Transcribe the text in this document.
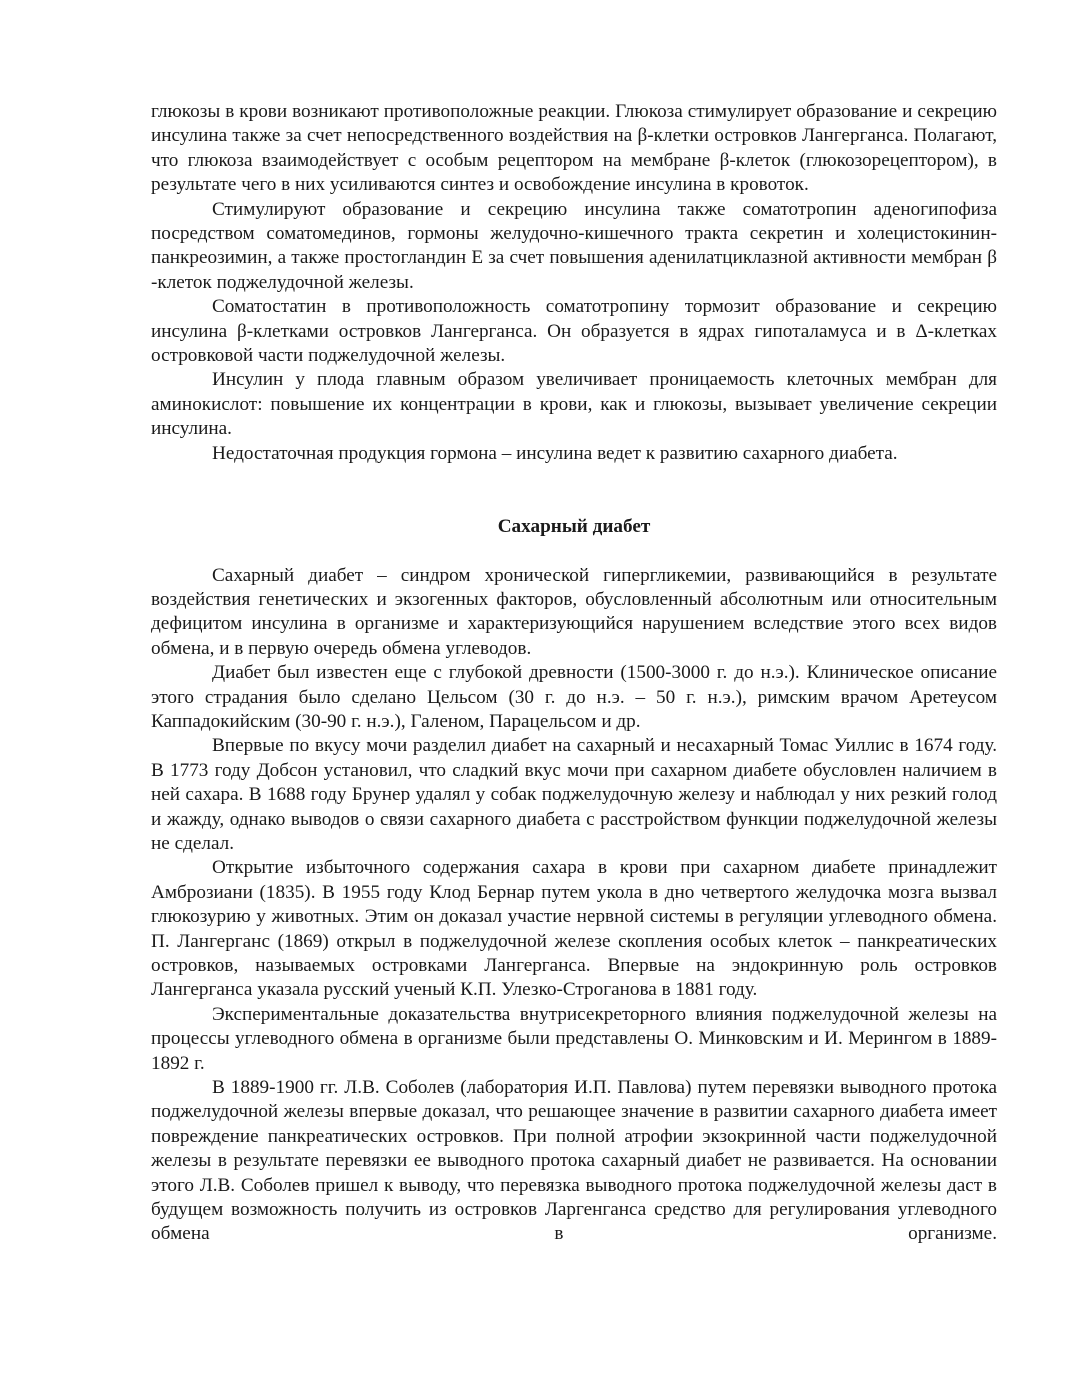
глюкозы в крови возникают противоположные реакции. Глюкоза стимулирует образование и секрецию инсулина также за счет непосредственного воздействия на β-клетки островков Лангерганса. Полагают, что глюкоза взаимодействует с особым рецептором на мембране β-клеток (глюкозорецептором), в результате чего в них усиливаются синтез и освобождение инсулина в кровоток.

Стимулируют образование и секрецию инсулина также соматотропин аденогипофиза посредством соматомединов, гормоны желудочно-кишечного тракта секретин и холецистокинин-панкреозимин, а также простогландин Е за счет повышения аденилатциклазной активности мембран β -клеток поджелудочной железы.

Соматостатин в противоположность соматотропину тормозит образование и секрецию инсулина β-клетками островков Лангерганса. Он образуется в ядрах гипоталамуса и в Δ-клетках островковой части поджелудочной железы.

Инсулин у плода главным образом увеличивает проницаемость клеточных мембран для аминокислот: повышение их концентрации в крови, как и глюкозы, вызывает увеличение секреции инсулина.

Недостаточная продукция гормона – инсулина ведет к развитию сахарного диабета.

Сахарный диабет

Сахарный диабет – синдром хронической гипергликемии, развивающийся в результате воздействия генетических и экзогенных факторов, обусловленный абсолютным или относительным дефицитом инсулина в организме и характеризующийся нарушением вследствие этого всех видов обмена, и в первую очередь обмена углеводов.

Диабет был известен еще с глубокой древности (1500-3000 г. до н.э.). Клиническое описание этого страдания было сделано Цельсом (30 г. до н.э. – 50 г. н.э.), римским врачом Аретеусом Каппадокийским (30-90 г. н.э.), Галеном, Парацельсом и др.

Впервые по вкусу мочи разделил диабет на сахарный и несахарный Томас Уиллис в 1674 году. В 1773 году Добсон установил, что сладкий вкус мочи при сахарном диабете обусловлен наличием в ней сахара. В 1688 году Брунер удалял у собак поджелудочную железу и наблюдал у них резкий голод и жажду, однако выводов о связи сахарного диабета с расстройством функции поджелудочной железы не сделал.

Открытие избыточного содержания сахара в крови при сахарном диабете принадлежит Амброзиани (1835). В 1955 году Клод Бернар путем укола в дно четвертого желудочка мозга вызвал глюкозурию у животных. Этим он доказал участие нервной системы в регуляции углеводного обмена. П. Лангерганс (1869) открыл в поджелудочной железе скопления особых клеток – панкреатических островков, называемых островками Лангерганса. Впервые на эндокринную роль островков Лангерганса указала русский ученый К.П. Улезко-Строганова в 1881 году.

Экспериментальные доказательства внутрисекреторного влияния поджелудочной железы на процессы углеводного обмена в организме были представлены О. Минковским и И. Мерингом в 1889-1892 г.

В 1889-1900 гг. Л.В. Соболев (лаборатория И.П. Павлова) путем перевязки выводного протока поджелудочной железы впервые доказал, что решающее значение в развитии сахарного диабета имеет повреждение панкреатических островков. При полной атрофии экзокринной части поджелудочной железы в результате перевязки ее выводного протока сахарный диабет не развивается. На основании этого Л.В. Соболев пришел к выводу, что перевязка выводного протока поджелудочной железы даст в будущем возможность получить из островков Ларгенганса средство для регулирования углеводного обмена в организме.
